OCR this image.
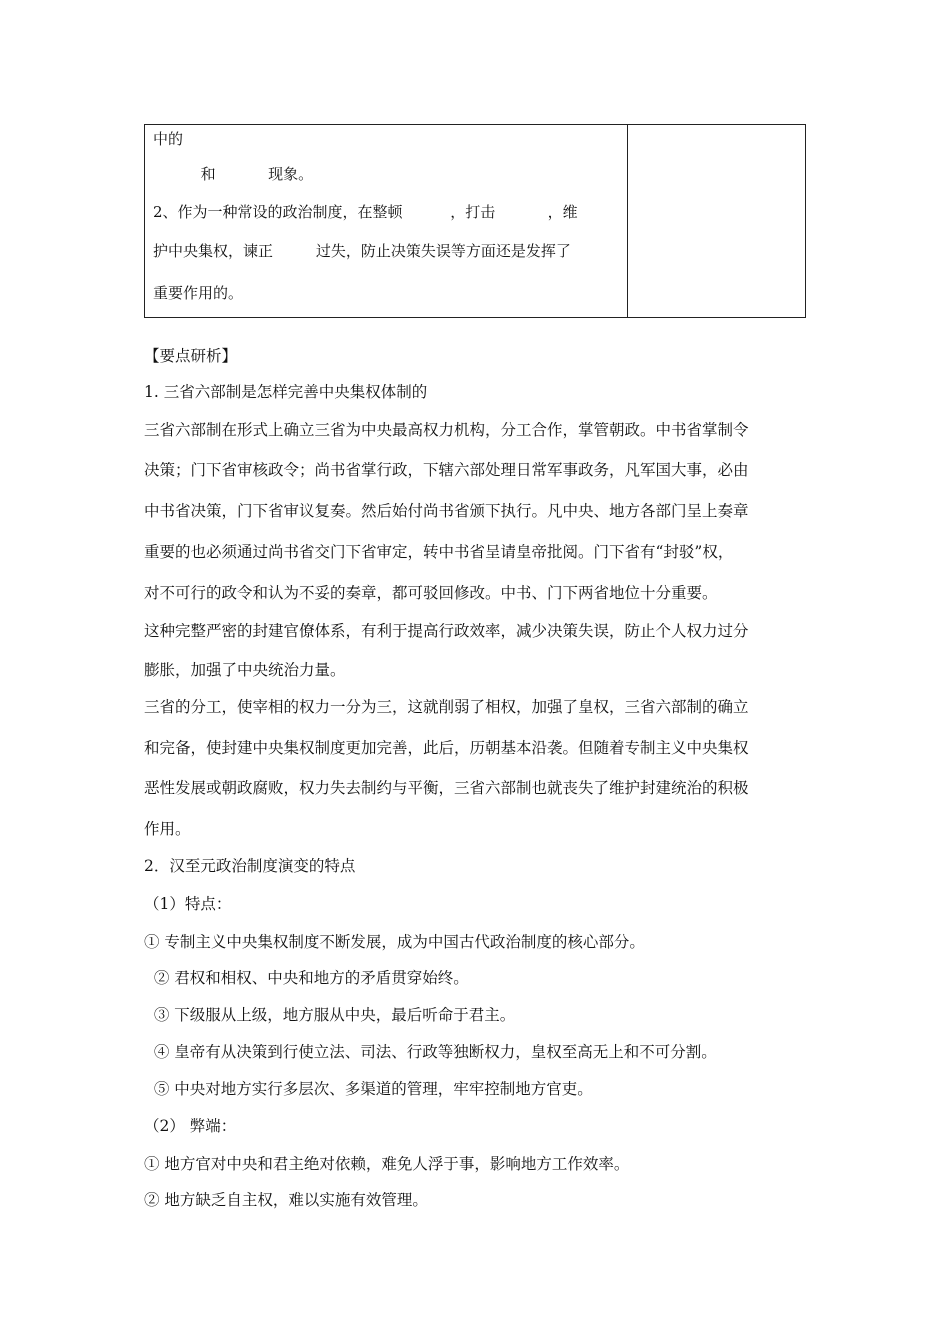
中的
和           现象。
2、作为一种常设的政治制度，在整顿          ，打击           ，维
护中央集权，谏正         过失，防止决策失误等方面还是发挥了
重要作用的。
【要点研析】
1. 三省六部制是怎样完善中央集权体制的
三省六部制在形式上确立三省为中央最高权力机构，分工合作，掌管朝政。中书省掌制令
决策；门下省审核政令；尚书省掌行政，下辖六部处理日常军事政务，凡军国大事，必由
中书省决策，门下省审议复奏。然后始付尚书省颁下执行。凡中央、地方各部门呈上奏章
重要的也必须通过尚书省交门下省审定，转中书省呈请皇帝批阅。门下省有“封驳”权，
对不可行的政令和认为不妥的奏章，都可驳回修改。中书、门下两省地位十分重要。
这种完整严密的封建官僚体系，有利于提高行政效率，减少决策失误，防止个人权力过分
膨胀，加强了中央统治力量。
三省的分工，使宰相的权力一分为三，这就削弱了相权，加强了皇权，三省六部制的确立
和完备，使封建中央集权制度更加完善，此后，历朝基本沿袭。但随着专制主义中央集权
恶性发展或朝政腐败，权力失去制约与平衡，三省六部制也就丧失了维护封建统治的积极
作用。
2．汉至元政治制度演变的特点
（1）特点：
① 专制主义中央集权制度不断发展，成为中国古代政治制度的核心部分。
② 君权和相权、中央和地方的矛盾贯穿始终。
③ 下级服从上级，地方服从中央，最后听命于君主。
④ 皇帝有从决策到行使立法、司法、行政等独断权力，皇权至高无上和不可分割。
⑤ 中央对地方实行多层次、多渠道的管理，牢牢控制地方官吏。
（2） 弊端：
① 地方官对中央和君主绝对依赖，难免人浮于事，影响地方工作效率。
② 地方缺乏自主权，难以实施有效管理。
